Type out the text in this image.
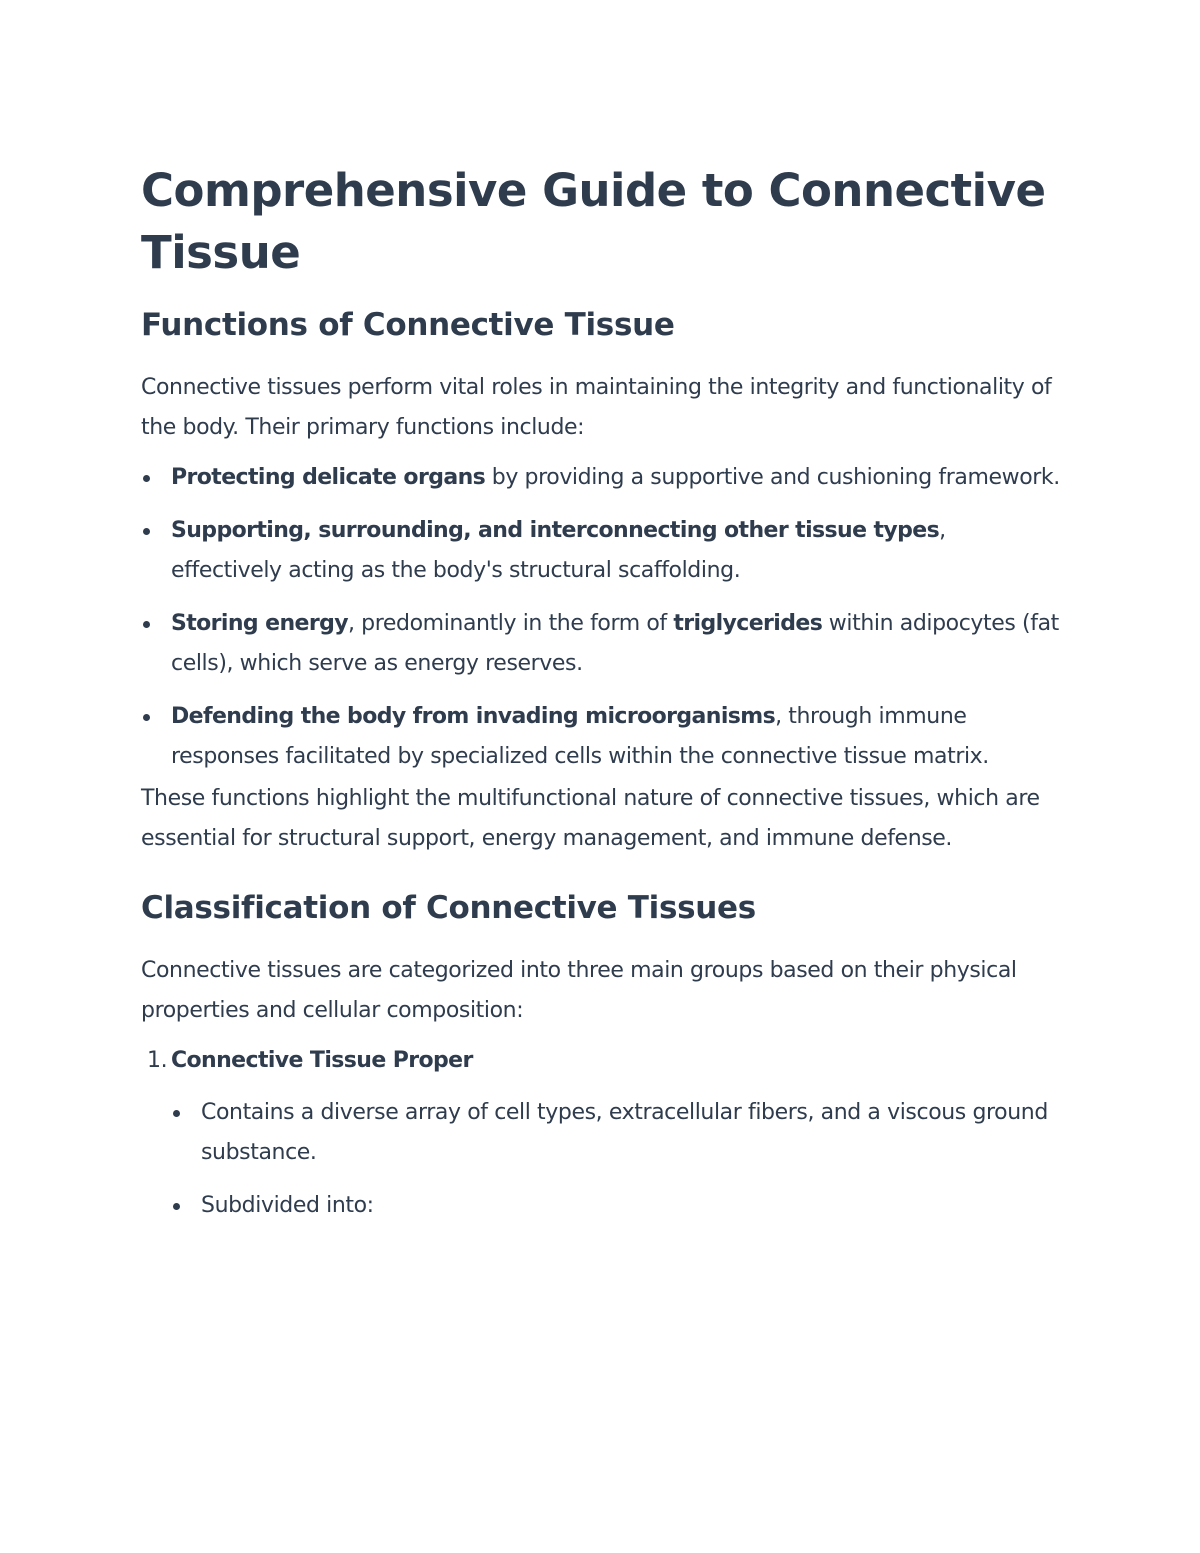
Comprehensive Guide to Connective Tissue
Functions of Connective Tissue

Connective tissues perform vital roles in maintaining the integrity and functionality of the body. Their primary functions include:

Protecting delicate organs by providing a supportive and cushioning framework.
Supporting, surrounding, and interconnecting other tissue types, effectively acting as the body's structural scaffolding.
Storing energy, predominantly in the form of triglycerides within adipocytes (fat cells), which serve as energy reserves.
Defending the body from invading microorganisms, through immune responses facilitated by specialized cells within the connective tissue matrix.

These functions highlight the multifunctional nature of connective tissues, which are essential for structural support, energy management, and immune defense.

Classification of Connective Tissues

Connective tissues are categorized into three main groups based on their physical properties and cellular composition:

1. Connective Tissue Proper
Contains a diverse array of cell types, extracellular fibers, and a viscous ground substance.
Subdivided into:
